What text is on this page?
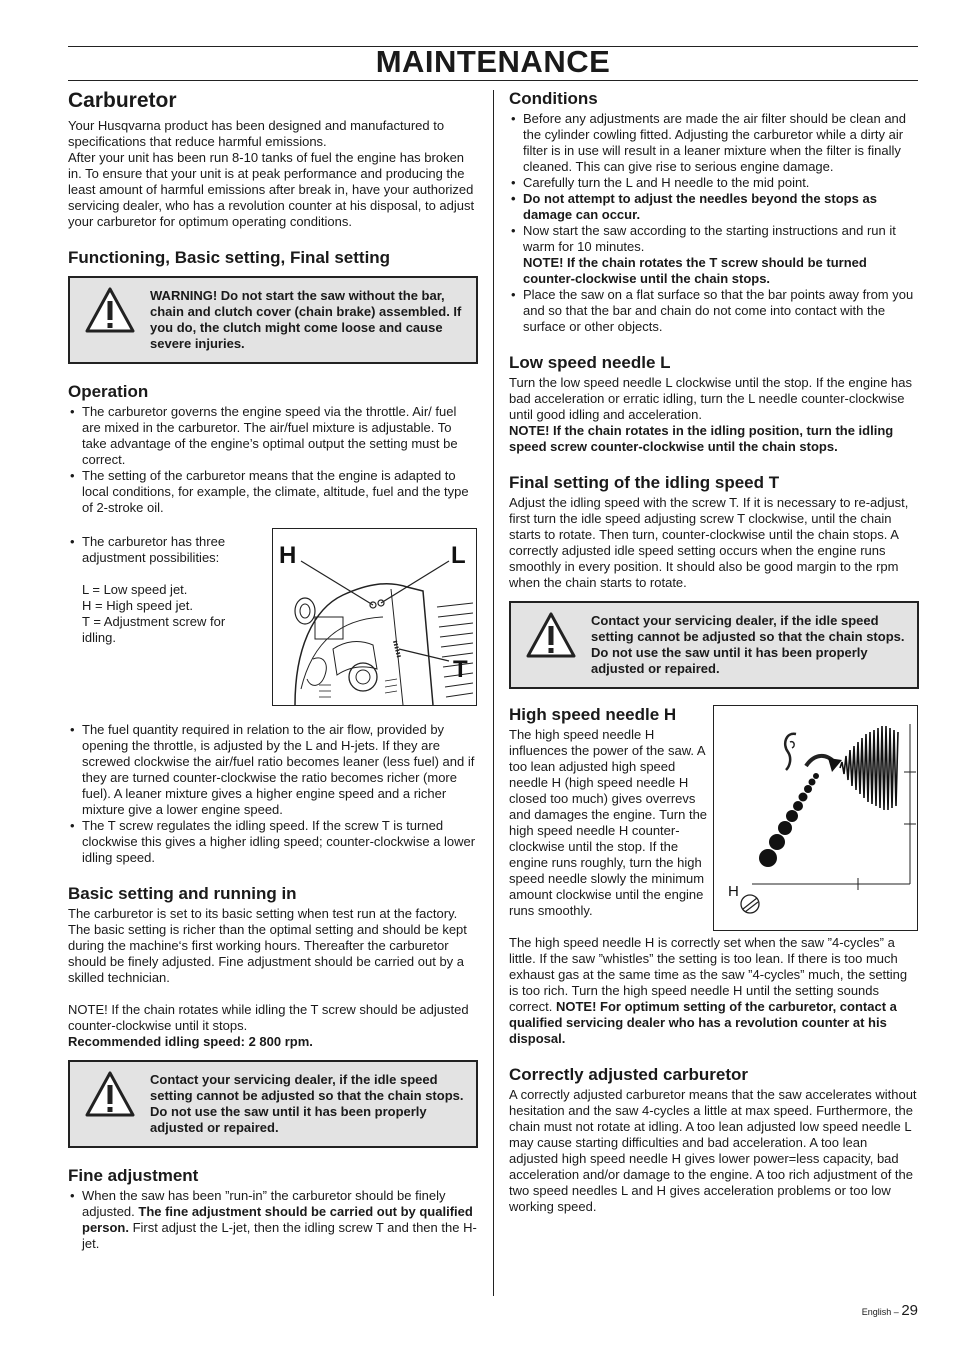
MAINTENANCE
Carburetor

Your Husqvarna product has been designed and manufactured to specifications that reduce harmful emissions.

After your unit has been run 8-10 tanks of fuel the engine has broken in. To ensure that your unit is at peak performance and producing the least amount of harmful emissions after break in, have your authorized servicing dealer, who has a revolution counter at his disposal, to adjust your carburetor for optimum operating conditions.

Functioning, Basic setting, Final setting

WARNING! Do not start the saw without the bar, chain and clutch cover (chain brake) assembled. If you do, the clutch might come loose and cause severe injuries.

Operation
• The carburetor governs the engine speed via the throttle. Air/ fuel are mixed in the carburetor. The air/fuel mixture is adjustable. To take advantage of the engine’s optimal output the setting must be correct.
• The setting of the carburetor means that the engine is adapted to local conditions, for example, the climate, altitude, fuel and the type of 2-stroke oil.
• The carburetor has three adjustment possibilities:
L = Low speed jet.
H = High speed jet.
T = Adjustment screw for idling.
H	L
T
• The fuel quantity required in relation to the air flow, provided by opening the throttle, is adjusted by the L and H-jets. If they are screwed clockwise the air/fuel ratio becomes leaner (less fuel) and if they are turned counter-clockwise the ratio becomes richer (more fuel). A leaner mixture gives a higher engine speed and a richer mixture give a lower engine speed.
• The T screw regulates the idling speed. If the screw T is turned clockwise this gives a higher idling speed; counter-clockwise a lower idling speed.
Basic setting and running in

The carburetor is set to its basic setting when test run at the factory. The basic setting is richer than the optimal setting and should be kept during the machine‘s first working hours. Thereafter the carburetor should be finely adjusted. Fine adjustment should be carried out by a skilled technician.

NOTE! If the chain rotates while idling the T screw should be adjusted counter-clockwise until it stops.

Recommended idling speed: 2 800 rpm.

Contact your servicing dealer, if the idle speed setting cannot be adjusted so that the chain stops. Do not use the saw until it has been properly adjusted or repaired.

Fine adjustment
• When the saw has been ”run-in” the carburetor should be finely adjusted. The fine adjustment should be carried out by qualified person. First adjust the L-jet, then the idling screw T and then the H-jet.
Conditions
• Before any adjustments are made the air filter should be clean and the cylinder cowling fitted. Adjusting the carburetor while a dirty air filter is in use will result in a leaner mixture when the filter is finally cleaned. This can give rise to serious engine damage.
• Carefully turn the L and H needle to the mid point.
• Do not attempt to adjust the needles beyond the stops as damage can occur.
• Now start the saw according to the starting instructions and run it warm for 10 minutes.
NOTE! If the chain rotates the T screw should be turned counter-clockwise until the chain stops.
• Place the saw on a flat surface so that the bar points away from you and so that the bar and chain do not come into contact with the surface or other objects.
Low speed needle L

Turn the low speed needle L clockwise until the stop. If the engine has bad acceleration or erratic idling, turn the L needle counter-clockwise until good idling and acceleration.

NOTE! If the chain rotates in the idling position, turn the idling speed screw counter-clockwise until the chain stops.

Final setting of the idling speed T

Adjust the idling speed with the screw T. If it is necessary to re-adjust, first turn the idle speed adjusting screw T clockwise, until the chain starts to rotate. Then turn, counter-clockwise until the chain stops. A correctly adjusted idle speed setting occurs when the engine runs smoothly in every position. It should also be good margin to the rpm when the chain starts to rotate.

Contact your servicing dealer, if the idle speed setting cannot be adjusted so that the chain stops. Do not use the saw until it has been properly adjusted or repaired.

High speed needle H

The high speed needle H influences the power of the saw. A too lean adjusted high speed needle H (high speed needle H closed too much) gives overrevs and damages the engine. Turn the high speed needle H counter-clockwise until the stop. If the engine runs roughly, turn the high speed needle slowly the minimum amount clockwise until the engine runs smoothly.

H

The high speed needle H is correctly set when the saw ”4-cycles” a little. If the saw ”whistles” the setting is too lean. If there is too much exhaust gas at the same time as the saw ”4-cycles” much, the setting is too rich. Turn the high speed needle H until the setting sounds correct. NOTE! For optimum setting of the carburetor, contact a qualified servicing dealer who has a revolution counter at his disposal.

Correctly adjusted carburetor

A correctly adjusted carburetor means that the saw accelerates without hesitation and the saw 4-cycles a little at max speed. Furthermore, the chain must not rotate at idling. A too lean adjusted low speed needle L may cause starting difficulties and bad acceleration. A too lean adjusted high speed needle H gives lower power=less capacity, bad acceleration and/or damage to the engine. A too rich adjustment of the two speed needles L and H gives acceleration problems or too low working speed.

English – 29
